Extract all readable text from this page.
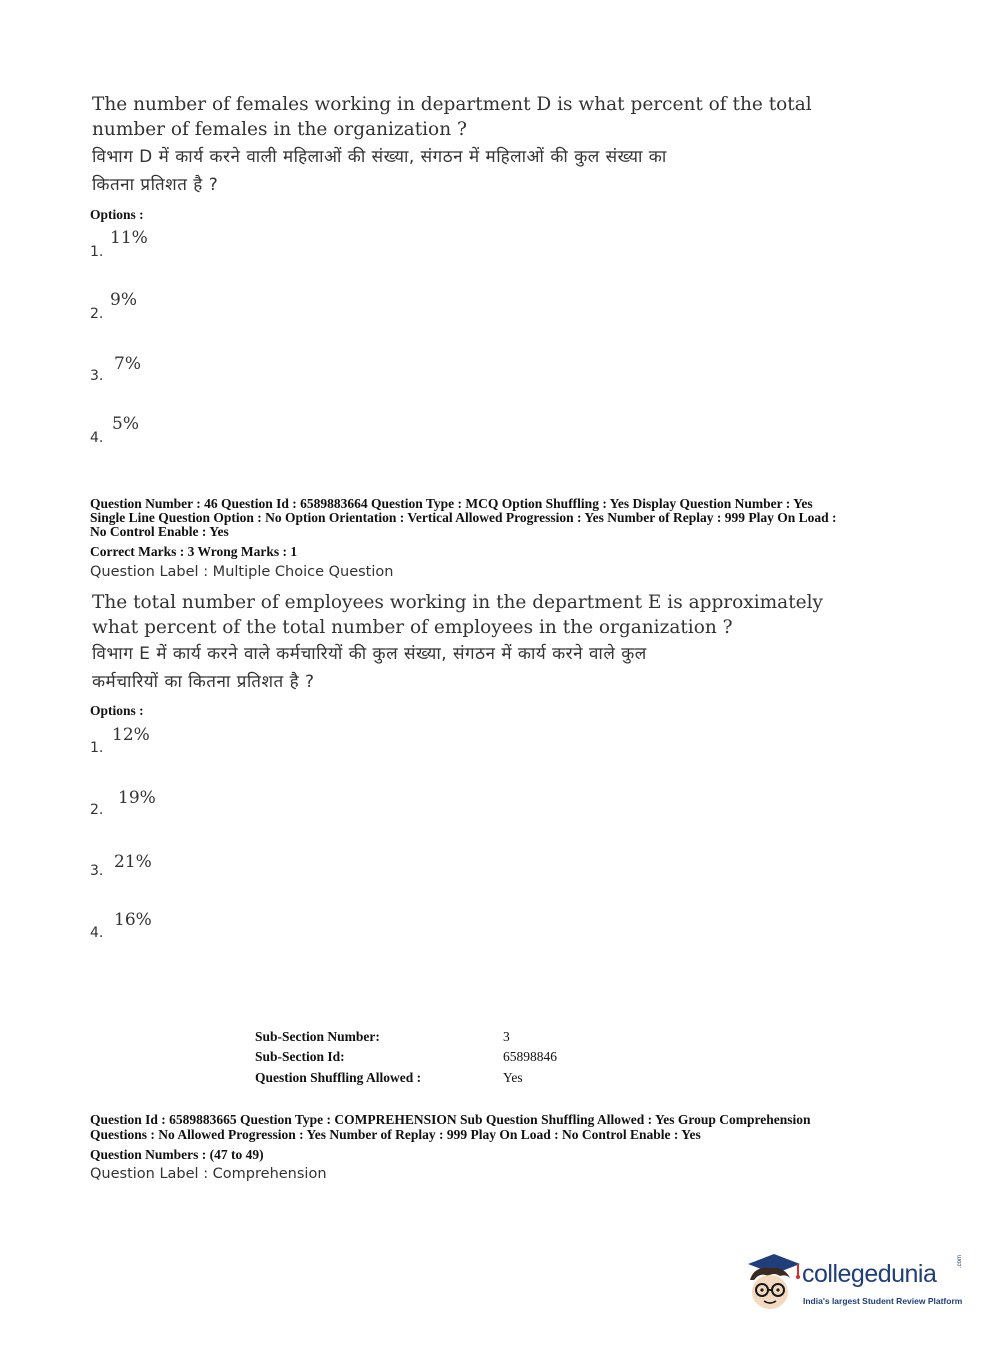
The number of females working in department D is what percent of the total
number of females in the organization ?
विभाग D में कार्य करने वाली महिलाओं की संख्या, संगठन में महिलाओं की कुल संख्या का
कितना प्रतिशत है ?
Options :
11%
1.
9%
2.
7%
3.
5%
4.
Question Number : 46 Question Id : 6589883664 Question Type : MCQ Option Shuffling : Yes Display Question Number : Yes
Single Line Question Option : No Option Orientation : Vertical Allowed Progression : Yes Number of Replay : 999 Play On Load :
No Control Enable : Yes
Correct Marks : 3 Wrong Marks : 1
Question Label : Multiple Choice Question
The total number of employees working in the department E is approximately
what percent of the total number of employees in the organization ?
विभाग E में कार्य करने वाले कर्मचारियों की कुल संख्या, संगठन में कार्य करने वाले कुल
कर्मचारियों का कितना प्रतिशत है ?
Options :
12%
1.
19%
2.
21%
3.
16%
4.
Sub-Section Number:	3
Sub-Section Id:	65898846
Question Shuffling Allowed :	Yes
Question Id : 6589883665 Question Type : COMPREHENSION Sub Question Shuffling Allowed : Yes Group Comprehension
Questions : No Allowed Progression : Yes Number of Replay : 999 Play On Load : No Control Enable : Yes
Question Numbers : (47 to 49)
Question Label : Comprehension
collegedunia	.com
India's largest Student Review Platform
